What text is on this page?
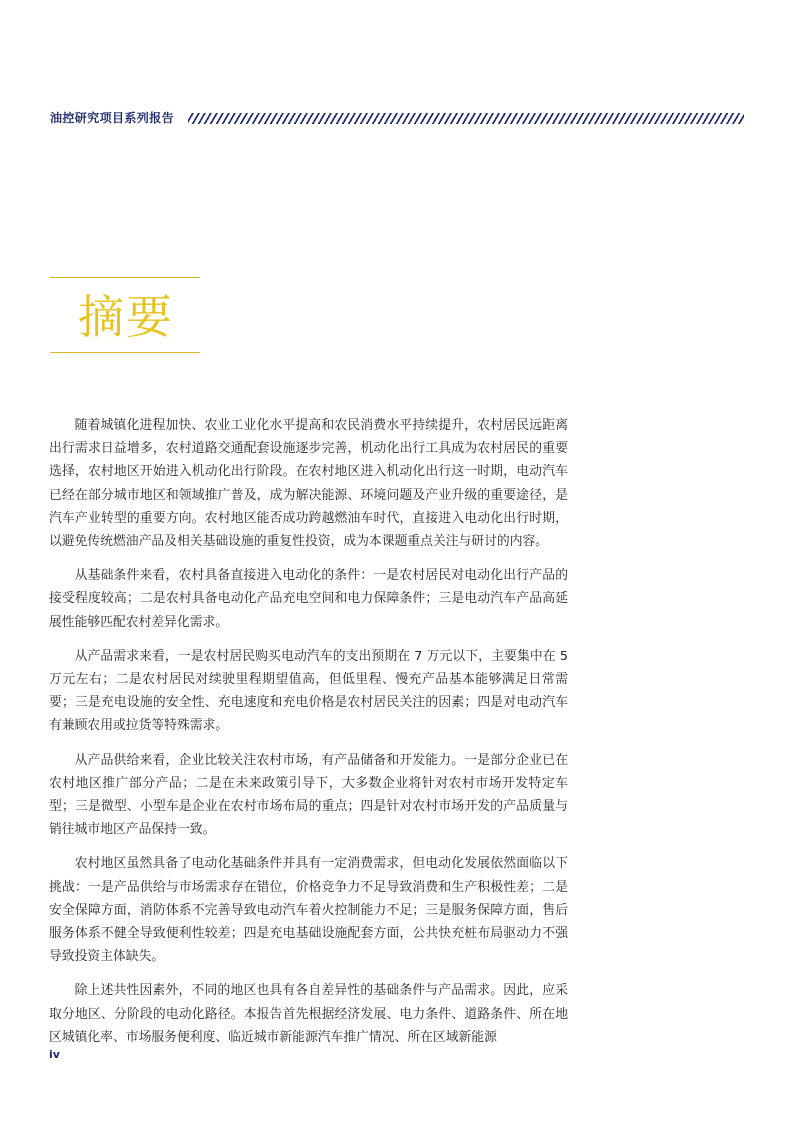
油控研究项目系列报告
摘要

随着城镇化进程加快、农业工业化水平提高和农民消费水平持续提升，农村居民远距离出行需求日益增多，农村道路交通配套设施逐步完善，机动化出行工具成为农村居民的重要选择，农村地区开始进入机动化出行阶段。在农村地区进入机动化出行这一时期，电动汽车已经在部分城市地区和领域推广普及，成为解决能源、环境问题及产业升级的重要途径，是汽车产业转型的重要方向。农村地区能否成功跨越燃油车时代，直接进入电动化出行时期，以避免传统燃油产品及相关基础设施的重复性投资，成为本课题重点关注与研讨的内容。

从基础条件来看，农村具备直接进入电动化的条件：一是农村居民对电动化出行产品的接受程度较高；二是农村具备电动化产品充电空间和电力保障条件；三是电动汽车产品高延展性能够匹配农村差异化需求。

从产品需求来看，一是农村居民购买电动汽车的支出预期在 7 万元以下，主要集中在 5 万元左右；二是农村居民对续驶里程期望值高，但低里程、慢充产品基本能够满足日常需要；三是充电设施的安全性、充电速度和充电价格是农村居民关注的因素；四是对电动汽车有兼顾农用或拉货等特殊需求。

从产品供给来看，企业比较关注农村市场，有产品储备和开发能力。一是部分企业已在农村地区推广部分产品；二是在未来政策引导下，大多数企业将针对农村市场开发特定车型；三是微型、小型车是企业在农村市场布局的重点；四是针对农村市场开发的产品质量与销往城市地区产品保持一致。

农村地区虽然具备了电动化基础条件并具有一定消费需求，但电动化发展依然面临以下挑战：一是产品供给与市场需求存在错位，价格竞争力不足导致消费和生产积极性差；二是安全保障方面，消防体系不完善导致电动汽车着火控制能力不足；三是服务保障方面，售后服务体系不健全导致便利性较差；四是充电基础设施配套方面，公共快充桩布局驱动力不强导致投资主体缺失。

除上述共性因素外，不同的地区也具有各自差异性的基础条件与产品需求。因此，应采取分地区、分阶段的电动化路径。本报告首先根据经济发展、电力条件、道路条件、所在地区城镇化率、市场服务便利度、临近城市新能源汽车推广情况、所在区域新能源

iv
